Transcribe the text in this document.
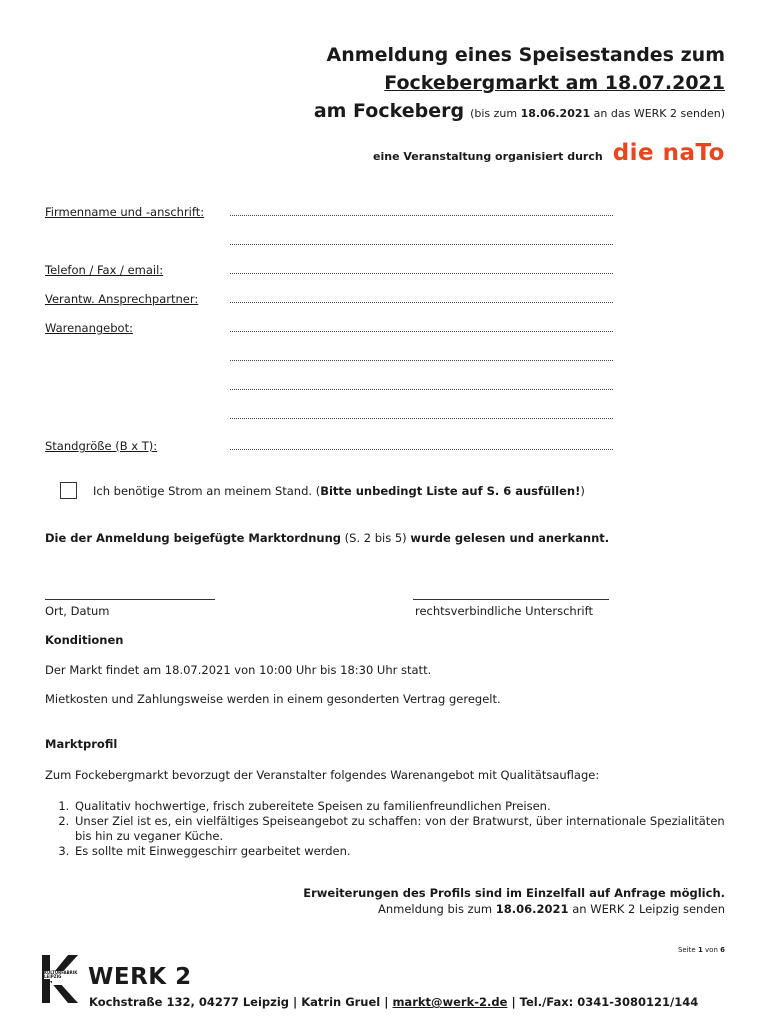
Anmeldung eines Speisestandes zum
Fockebergmarkt am 18.07.2021
am Fockeberg (bis zum 18.06.2021 an das WERK 2 senden)
eine Veranstaltung organisiert durch die naTo
Firmenname und -anschrift:
Telefon / Fax / email:
Verantw. Ansprechpartner:
Warenangebot:
Standgröße (B x T):
Ich benötige Strom an meinem Stand. (Bitte unbedingt Liste auf S. 6 ausfüllen!)
Die der Anmeldung beigefügte Marktordnung (S. 2 bis 5) wurde gelesen und anerkannt.
Ort, Datum	rechtsverbindliche Unterschrift
Konditionen
Der Markt findet am 18.07.2021 von 10:00 Uhr bis 18:30 Uhr statt.
Mietkosten und Zahlungsweise werden in einem gesonderten Vertrag geregelt.
Marktprofil
Zum Fockebergmarkt bevorzugt der Veranstalter folgendes Warenangebot mit Qualitätsauflage:
1. Qualitativ hochwertige, frisch zubereitete Speisen zu familienfreundlichen Preisen.
2. Unser Ziel ist es, ein vielfältiges Speiseangebot zu schaffen: von der Bratwurst, über internationale Spezialitäten bis hin zu veganer Küche.
3. Es sollte mit Einweggeschirr gearbeitet werden.
Erweiterungen des Profils sind im Einzelfall auf Anfrage möglich.
Anmeldung bis zum 18.06.2021 an WERK 2 Leipzig senden
Seite 1 von 6
KULTURFABRIK LEIPZIG	WERK 2
Kochstraße 132, 04277 Leipzig | Katrin Gruel | markt@werk-2.de | Tel./Fax: 0341-3080121/144
